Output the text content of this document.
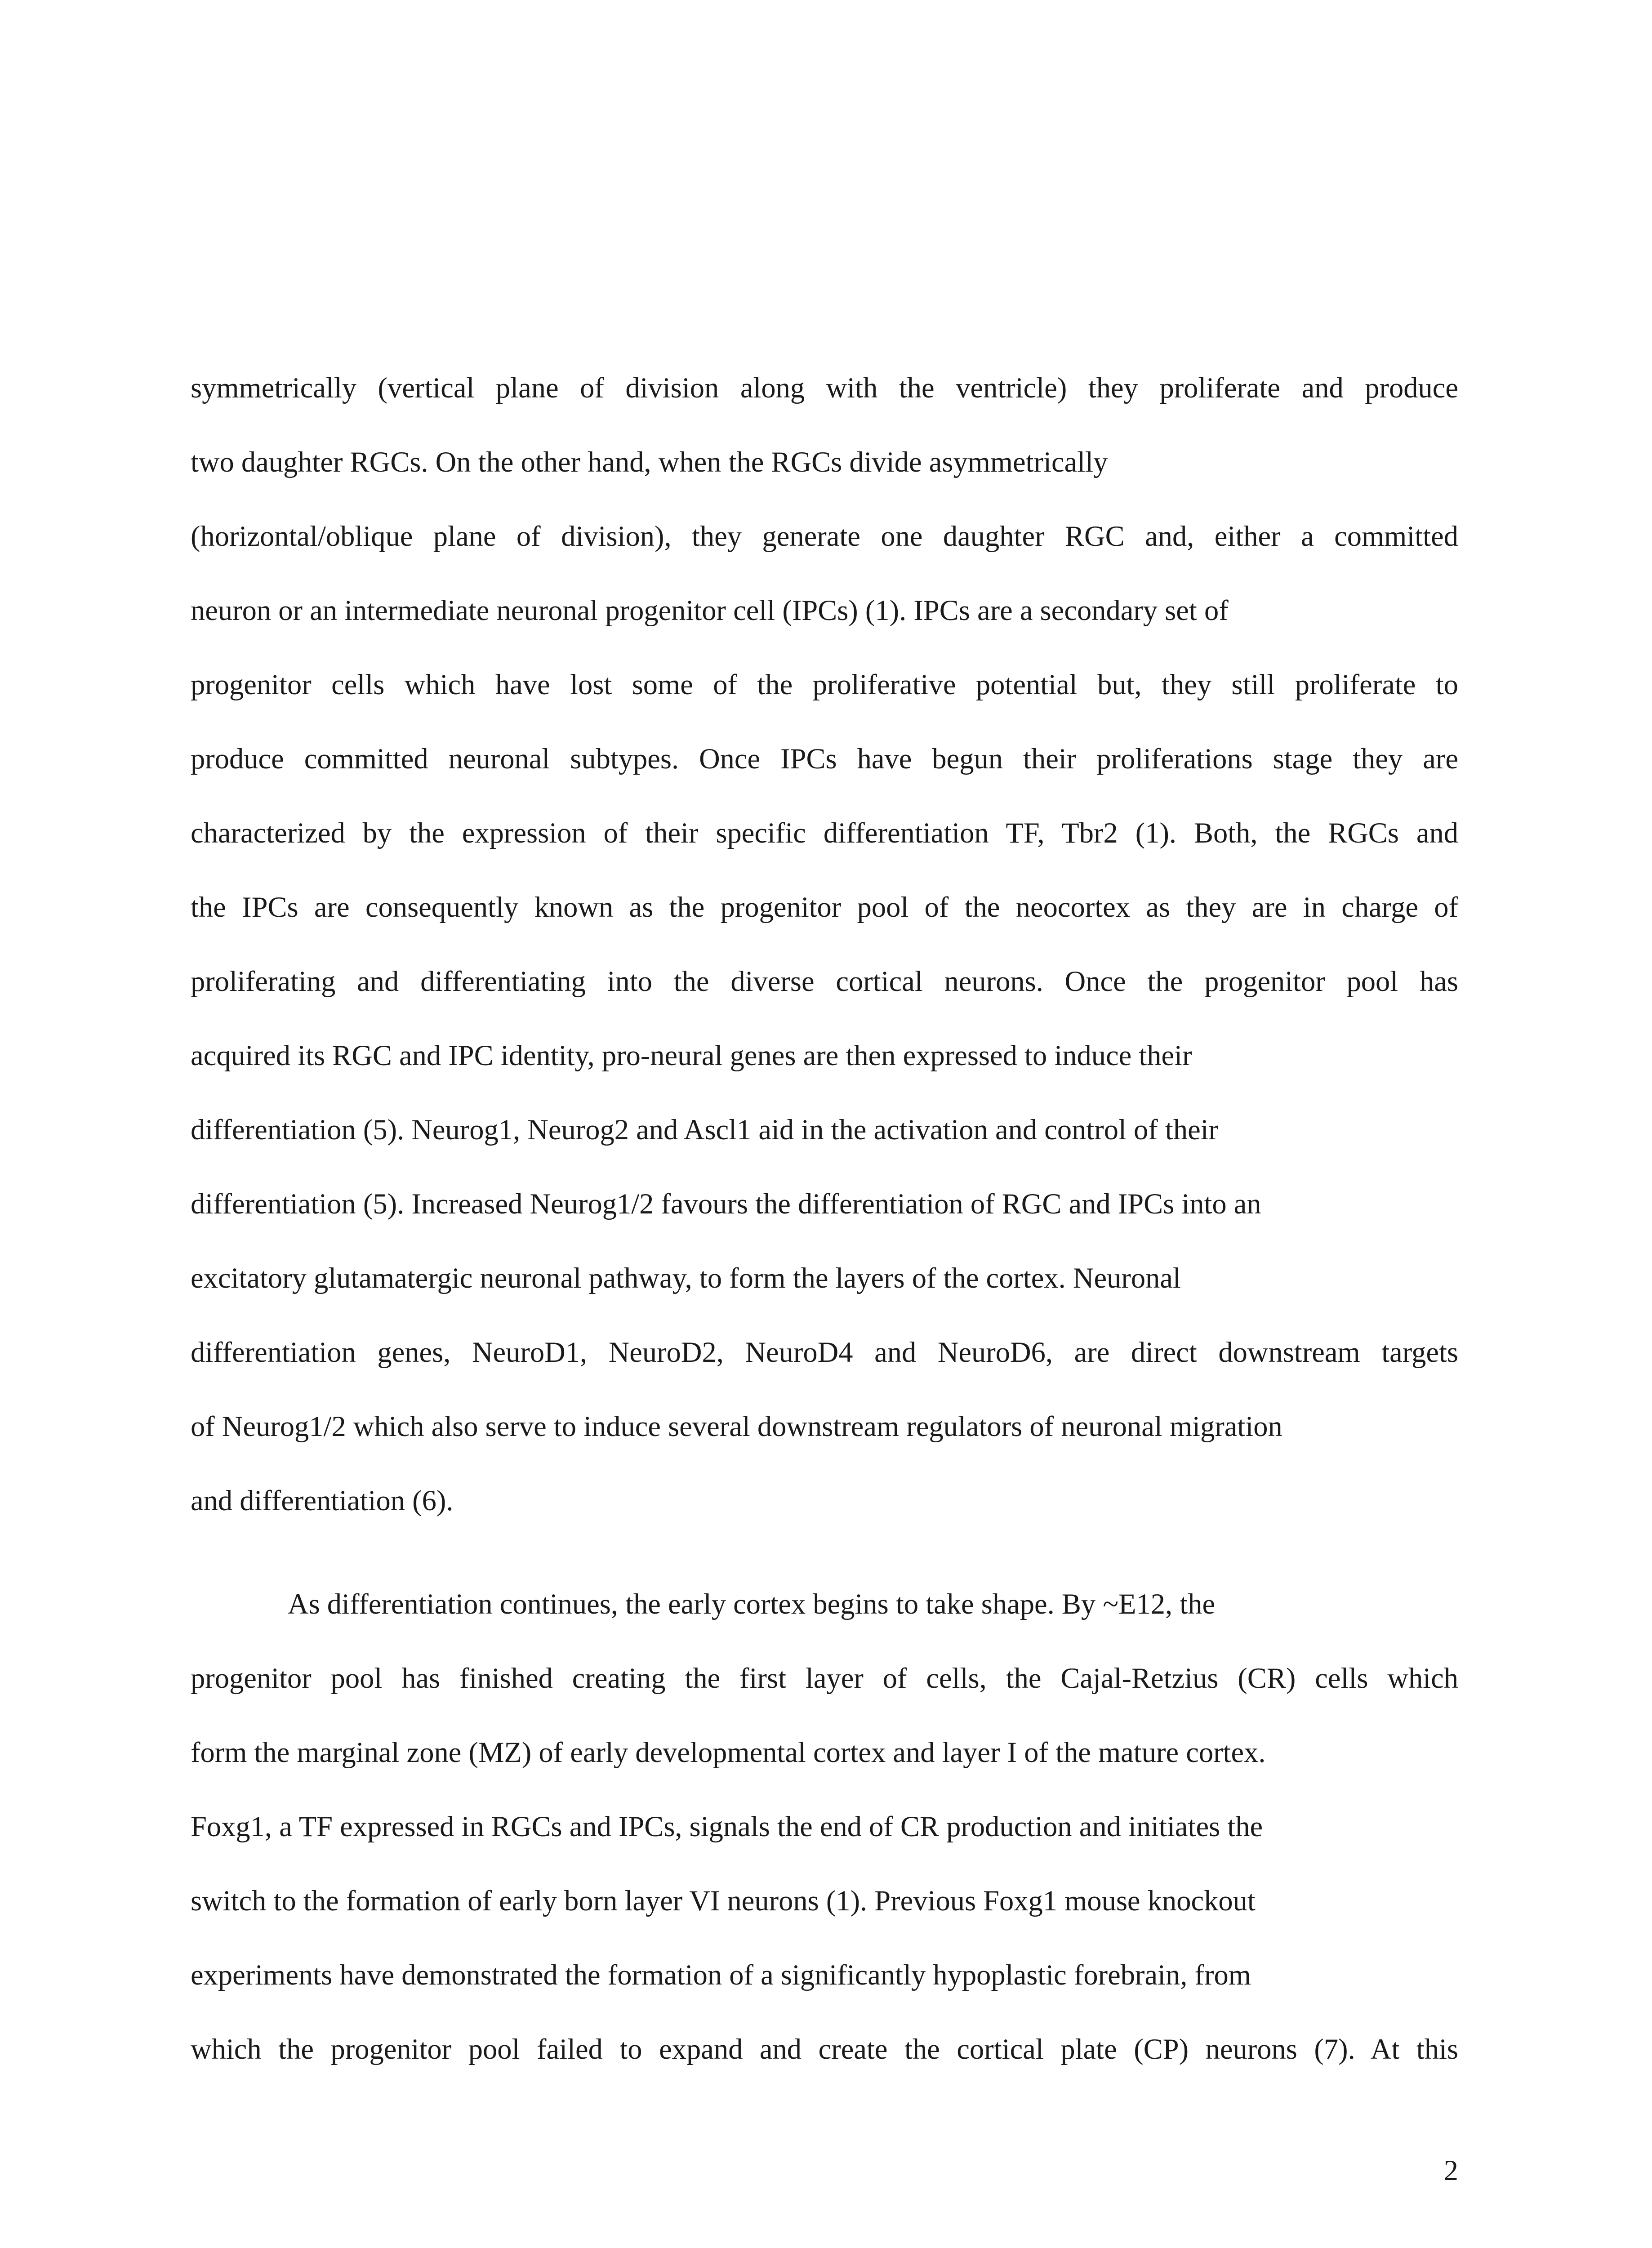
symmetrically (vertical plane of division along with the ventricle) they proliferate and produce
two daughter RGCs. On the other hand, when the RGCs divide asymmetrically
(horizontal/oblique plane of division), they generate one daughter RGC and, either a committed
neuron or an intermediate neuronal progenitor cell (IPCs) (1). IPCs are a secondary set of
progenitor cells which have lost some of the proliferative potential but, they still proliferate to
produce committed neuronal subtypes. Once IPCs have begun their proliferations stage they are
characterized by the expression of their specific differentiation TF, Tbr2 (1). Both, the RGCs and
the IPCs are consequently known as the progenitor pool of the neocortex as they are in charge of
proliferating and differentiating into the diverse cortical neurons. Once the progenitor pool has
acquired its RGC and IPC identity, pro-neural genes are then expressed to induce their
differentiation (5). Neurog1, Neurog2 and Ascl1 aid in the activation and control of their
differentiation (5). Increased Neurog1/2 favours the differentiation of RGC and IPCs into an
excitatory glutamatergic neuronal pathway, to form the layers of the cortex. Neuronal
differentiation genes, NeuroD1, NeuroD2, NeuroD4 and NeuroD6, are direct downstream targets
of Neurog1/2 which also serve to induce several downstream regulators of neuronal migration
and differentiation (6).
As differentiation continues, the early cortex begins to take shape. By ~E12, the
progenitor pool has finished creating the first layer of cells, the Cajal-Retzius (CR) cells which
form the marginal zone (MZ) of early developmental cortex and layer I of the mature cortex.
Foxg1, a TF expressed in RGCs and IPCs, signals the end of CR production and initiates the
switch to the formation of early born layer VI neurons (1). Previous Foxg1 mouse knockout
experiments have demonstrated the formation of a significantly hypoplastic forebrain, from
which the progenitor pool failed to expand and create the cortical plate (CP) neurons (7). At this
2
